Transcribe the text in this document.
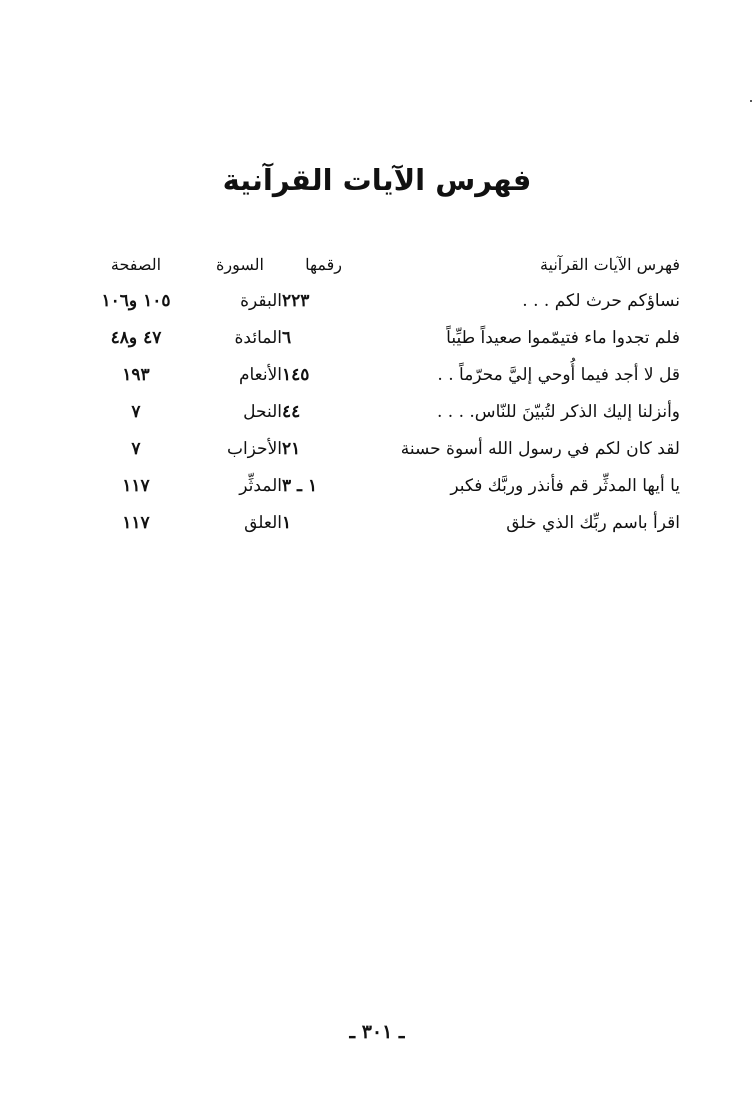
فهرس الآيات القرآنية
فهرس الآيات القرآنية
رقمها
السورة
الصفحة
نساؤكم حرث لكم . . .
٢٢٣
البقرة
١٠٥ و١٠٦
فلم تجدوا ماء فتيمّموا صعيداً طيِّباً
٦
المائدة
٤٧ و٤٨
قل لا أجد فيما أُوحي إليَّ محرّماً . .
١٤٥
الأنعام
١٩٣
وأنزلنا إليك الذكر لتُبيّنَ للنّاس. . . .
٤٤
النحل
٧
لقد كان لكم في رسول الله أسوة حسنة
٢١
الأحزاب
٧
يا أيها المدثِّر قم فأنذر وربَّك فكبر
١ ـ ٣
المدثِّر
١١٧
اقرأ باسم ربِّك الذي خلق
١
العلق
١١٧
ـ ٣٠١ ـ
